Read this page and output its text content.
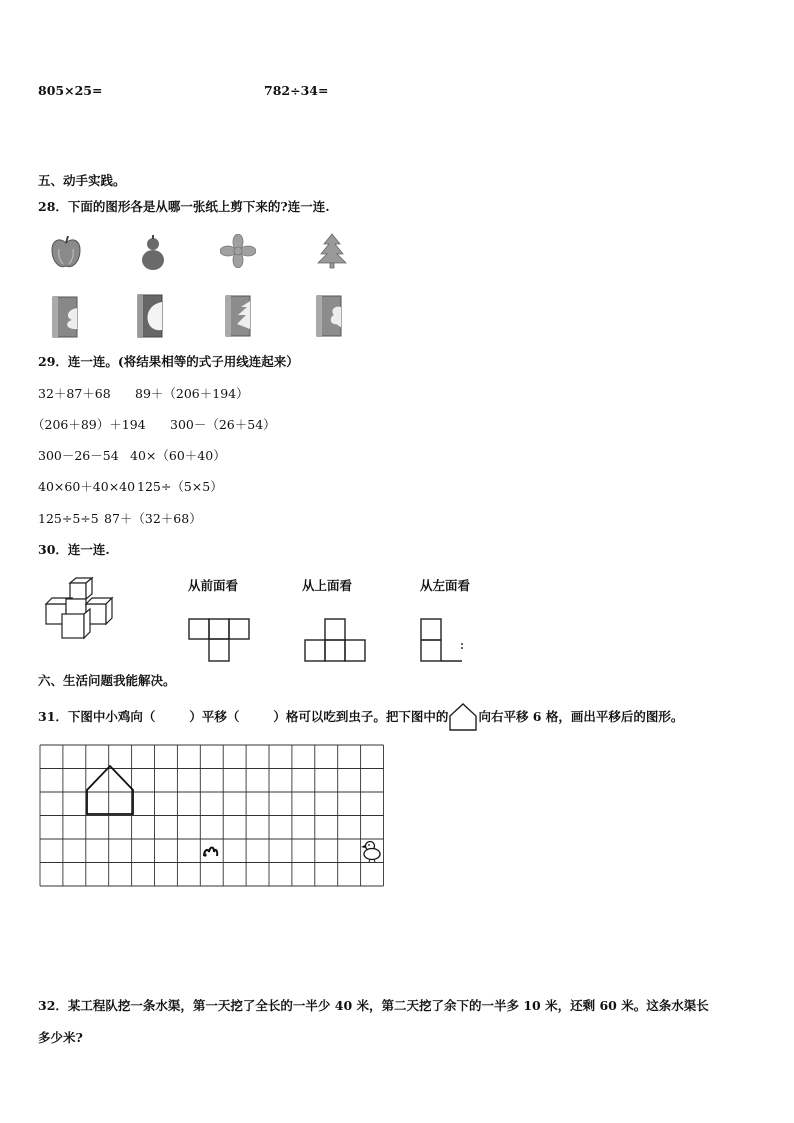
805×25=	782÷34=
五、动手实践。
28．下面的图形各是从哪一张纸上剪下来的?连一连.
29．连一连。(将结果相等的式子用线连起来）
32＋87＋68 89＋（206＋194）
（206＋89）＋194 300－（26＋54）
300－26－54 40×（60＋40）
40×60＋40×40 125÷（5×5）
125÷5÷5 87＋（32＋68）
30．连一连.
从前面看	从上面看	从左面看
六、生活问题我能解决。
31．下图中小鸡向（	）平移（	）格可以吃到虫子。把下图中的 向右平移 6 格，画出平移后的图形。
32．某工程队挖一条水渠，第一天挖了全长的一半少 40 米，第二天挖了余下的一半多 10 米，还剩 60 米。这条水渠长
多少米?
